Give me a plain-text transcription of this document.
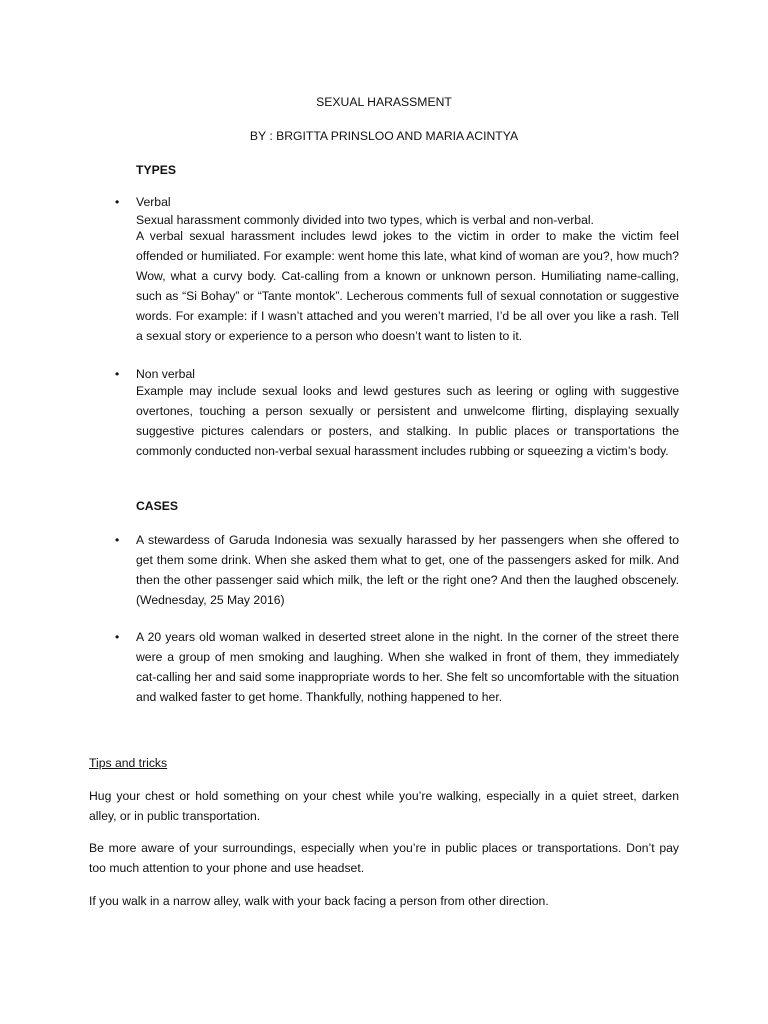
SEXUAL HARASSMENT
BY : BRGITTA PRINSLOO AND MARIA ACINTYA
TYPES
• Verbal
Sexual harassment commonly divided into two types, which is verbal and non-verbal.
A verbal sexual harassment includes lewd jokes to the victim in order to make the victim feel offended or humiliated. For example: went home this late, what kind of woman are you?, how much? Wow, what a curvy body. Cat-calling from a known or unknown person. Humiliating name-calling, such as “Si Bohay” or “Tante montok”. Lecherous comments full of sexual connotation or suggestive words. For example: if I wasn’t attached and you weren’t married, I’d be all over you like a rash. Tell a sexual story or experience to a person who doesn’t want to listen to it.
• Non verbal
Example may include sexual looks and lewd gestures such as leering or ogling with suggestive overtones, touching a person sexually or persistent and unwelcome flirting, displaying sexually suggestive pictures calendars or posters, and stalking. In public places or transportations the commonly conducted non-verbal sexual harassment includes rubbing or squeezing a victim’s body.
CASES
• A stewardess of Garuda Indonesia was sexually harassed by her passengers when she offered to get them some drink. When she asked them what to get, one of the passengers asked for milk. And then the other passenger said which milk, the left or the right one? And then the laughed obscenely. (Wednesday, 25 May 2016)
• A 20 years old woman walked in deserted street alone in the night. In the corner of the street there were a group of men smoking and laughing. When she walked in front of them, they immediately cat-calling her and said some inappropriate words to her. She felt so uncomfortable with the situation and walked faster to get home. Thankfully, nothing happened to her.
Tips and tricks
Hug your chest or hold something on your chest while you’re walking, especially in a quiet street, darken alley, or in public transportation.
Be more aware of your surroundings, especially when you’re in public places or transportations. Don’t pay too much attention to your phone and use headset.
If you walk in a narrow alley, walk with your back facing a person from other direction.
